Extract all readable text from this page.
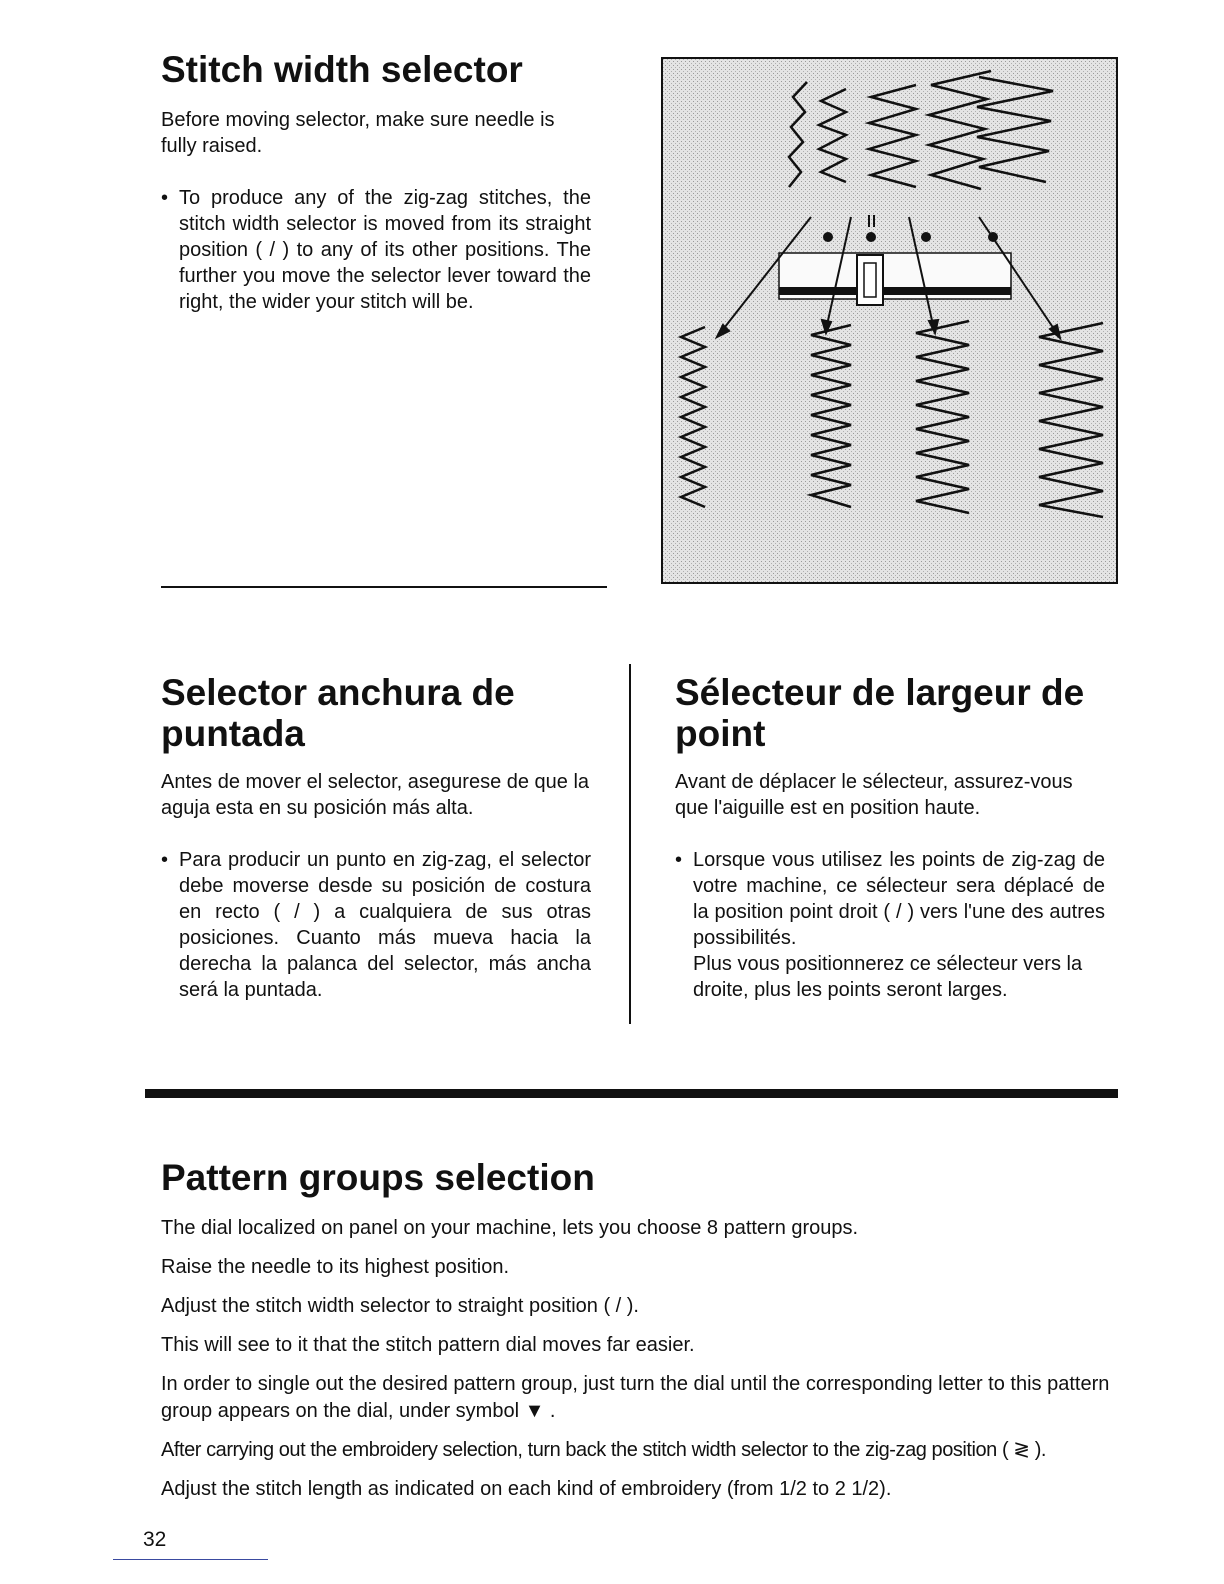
Stitch width selector

Before moving selector, make sure needle is fully raised.

• To produce any of the zig-zag stitches, the stitch width selector is moved from its straight position ( / ) to any of its other positions. The further you move the selector lever toward the right, the wider your stitch will be.

Selector anchura de puntada

Antes de mover el selector, asegurese de que la aguja esta en su posición más alta.

• Para producir un punto en zig-zag, el selector debe moverse desde su posición de costura en recto ( / ) a cualquiera de sus otras posiciones. Cuanto más mueva hacia la derecha la palanca del selector, más ancha será la puntada.

Sélecteur de largeur de point

Avant de déplacer le sélecteur, assurez-vous que l'aiguille est en position haute.

• Lorsque vous utilisez les points de zig-zag de votre machine, ce sélecteur sera déplacé de la position point droit ( / ) vers l'une des autres possibilités.

Plus vous positionnerez ce sélecteur vers la droite, plus les points seront larges.

Pattern groups selection

The dial localized on panel on your machine, lets you choose 8 pattern groups.

Raise the needle to its highest position.

Adjust the stitch width selector to straight position ( / ).

This will see to it that the stitch pattern dial moves far easier.

In order to single out the desired pattern group, just turn the dial until the corresponding letter to this pattern group appears on the dial, under symbol ▼ .

After carrying out the embroidery selection, turn back the stitch width selector to the zig-zag position ( ≷ ).

Adjust the stitch length as indicated on each kind of embroidery (from 1/2 to 2 1/2).

32
